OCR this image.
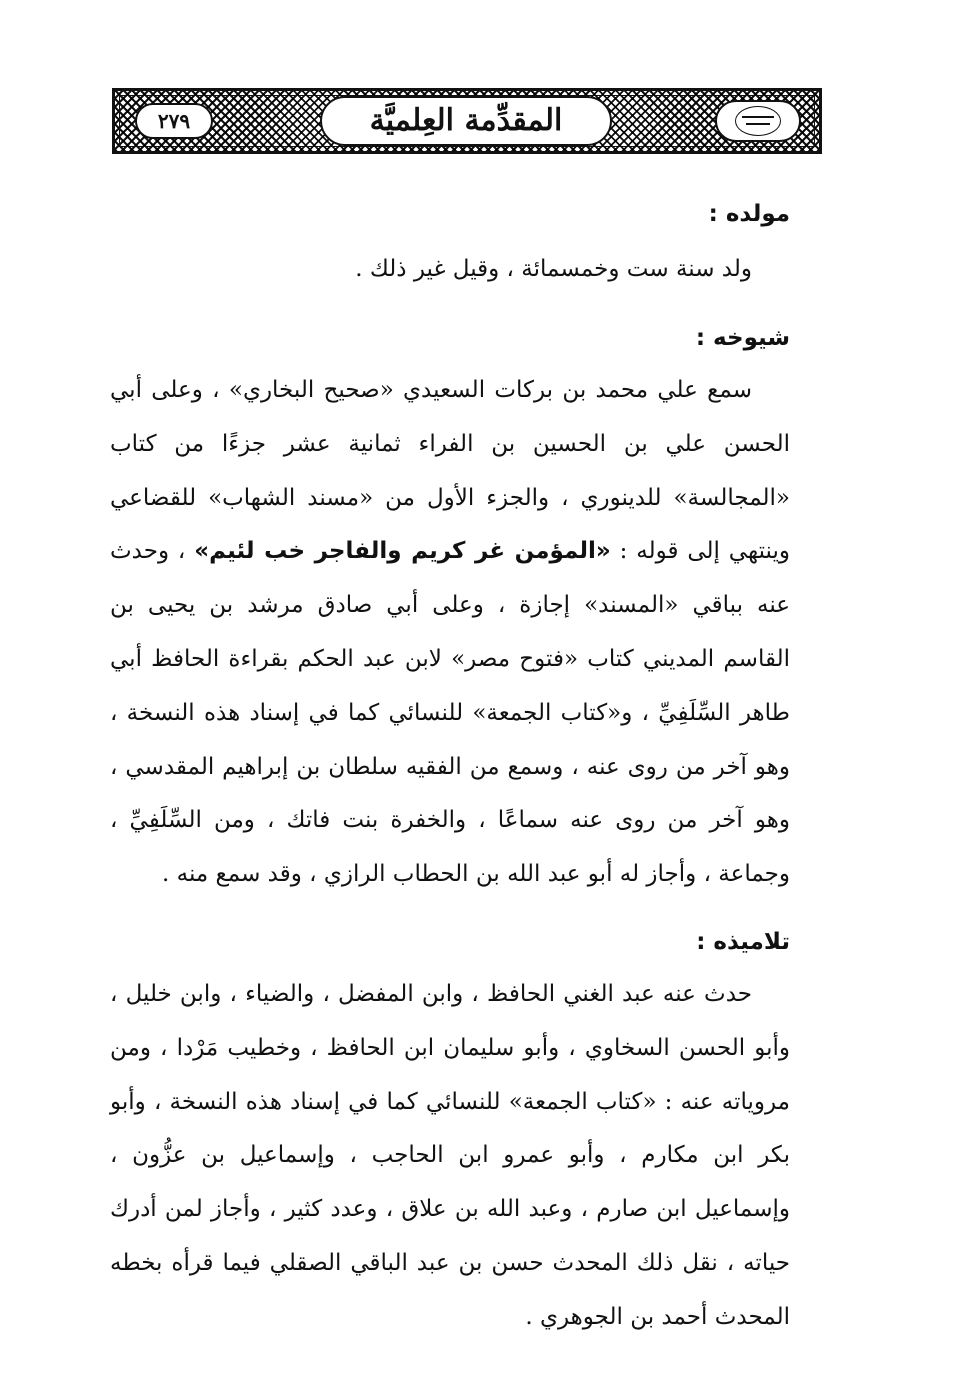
المقدِّمة العِلميَّة
٢٧٩
مولده :

ولد سنة ست وخمسمائة ، وقيل غير ذلك .

شيوخه :

سمع علي محمد بن بركات السعيدي «صحيح البخاري» ، وعلى أبي الحسن علي بن الحسين بن الفراء ثمانية عشر جزءًا من كتاب «المجالسة» للدينوري ، والجزء الأول من «مسند الشهاب» للقضاعي وينتهي إلى قوله : «المؤمن غر كريم والفاجر خب لئيم» ، وحدث عنه بباقي «المسند» إجازة ، وعلى أبي صادق مرشد بن يحيى بن القاسم المديني كتاب «فتوح مصر» لابن عبد الحكم بقراءة الحافظ أبي طاهر السِّلَفِيِّ ، و«كتاب الجمعة» للنسائي كما في إسناد هذه النسخة ، وهو آخر من روى عنه ، وسمع من الفقيه سلطان بن إبراهيم المقدسي ، وهو آخر من روى عنه سماعًا ، والخفرة بنت فاتك ، ومن السِّلَفِيِّ ، وجماعة ، وأجاز له أبو عبد الله بن الحطاب الرازي ، وقد سمع منه .

تلاميذه :

حدث عنه عبد الغني الحافظ ، وابن المفضل ، والضياء ، وابن خليل ، وأبو الحسن السخاوي ، وأبو سليمان ابن الحافظ ، وخطيب مَرْدا ، ومن مروياته عنه : «كتاب الجمعة» للنسائي كما في إسناد هذه النسخة ، وأبو بكر ابن مكارم ، وأبو عمرو ابن الحاجب ، وإسماعيل بن عزُّون ، وإسماعيل ابن صارم ، وعبد الله بن علاق ، وعدد كثير ، وأجاز لمن أدرك حياته ، نقل ذلك المحدث حسن بن عبد الباقي الصقلي فيما قرأه بخطه المحدث أحمد بن الجوهري .
